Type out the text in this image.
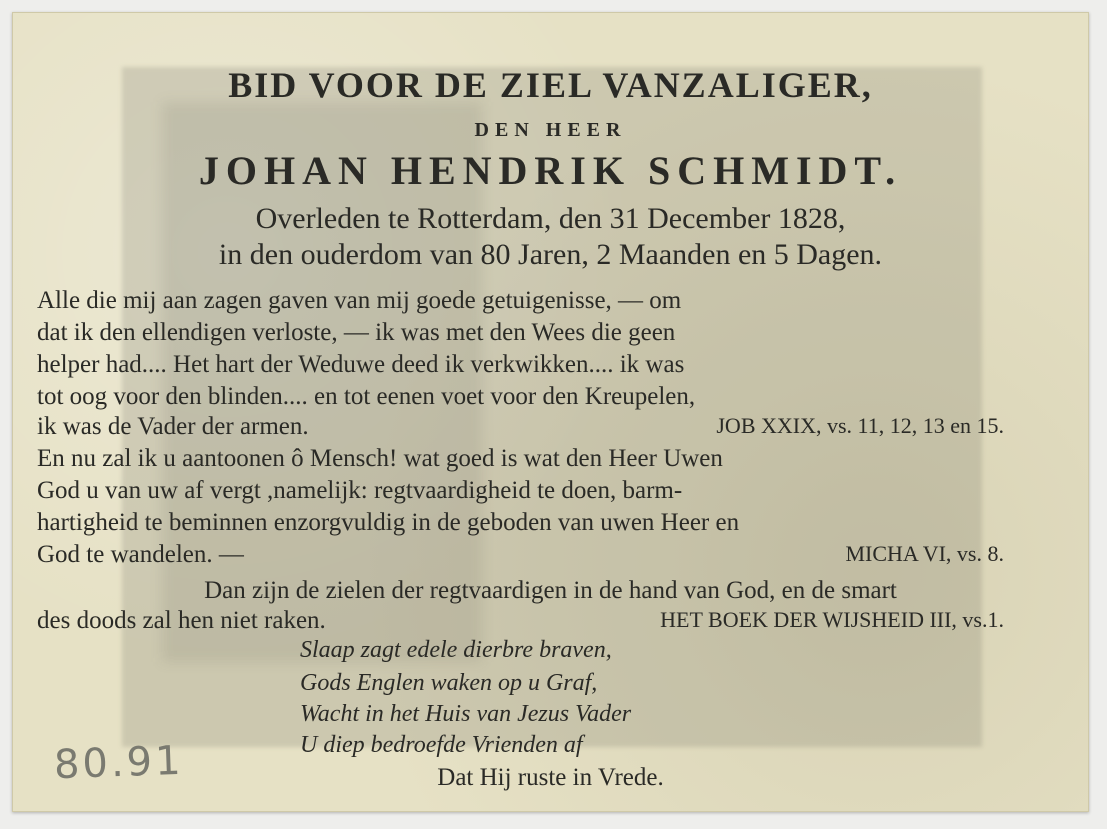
BID VOOR DE ZIEL VANZALIGER,
DEN HEER
JOHAN HENDRIK SCHMIDT.
Overleden te Rotterdam, den 31 December 1828,
in den ouderdom van 80 Jaren, 2 Maanden en 5 Dagen.
Alle die mij aan zagen gaven van mij goede getuigenisse, — om
dat ik den ellendigen verloste, — ik was met den Wees die geen
helper had.... Het hart der Weduwe deed ik verkwikken.... ik was
tot oog voor den blinden.... en tot eenen voet voor den Kreupelen,
ik was de Vader der armen.	JOB XXIX, vs. 11, 12, 13 en 15.
En nu zal ik u aantoonen ô Mensch! wat goed is wat den Heer Uwen
God u van uw af vergt ,namelijk: regtvaardigheid te doen, barm-
hartigheid te beminnen enzorgvuldig in de geboden van uwen Heer en
God te wandelen. —	MICHA VI, vs. 8.
Dan zijn de zielen der regtvaardigen in de hand van God, en de smart
des doods zal hen niet raken.	HET BOEK DER WIJSHEID III, vs.1.
Slaap zagt edele dierbre braven,
Gods Englen waken op u Graf,
Wacht in het Huis van Jezus Vader
U diep bedroefde Vrienden af
Dat Hij ruste in Vrede.
80.91
